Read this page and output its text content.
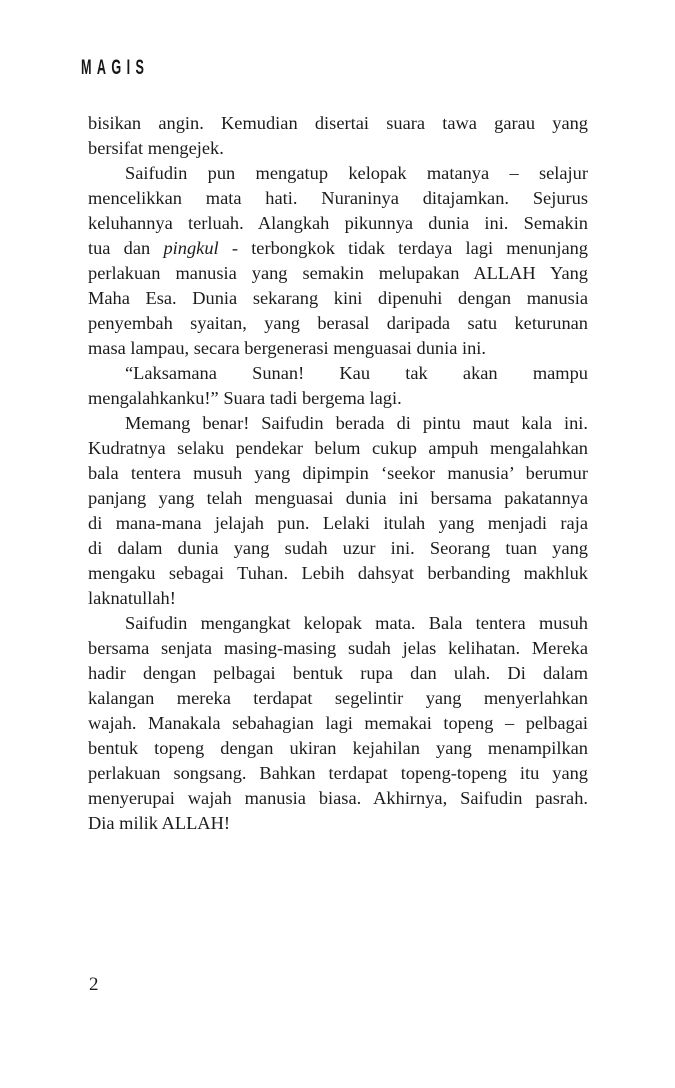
MAGIS

bisikan angin. Kemudian disertai suara tawa garau yang
bersifat mengejek.

Saifudin pun mengatup kelopak matanya – selajur
mencelikkan mata hati. Nuraninya ditajamkan. Sejurus
keluhannya terluah. Alangkah pikunnya dunia ini. Semakin
tua dan pingkul - terbongkok tidak terdaya lagi menunjang
perlakuan manusia yang semakin melupakan ALLAH Yang
Maha Esa. Dunia sekarang kini dipenuhi dengan manusia
penyembah syaitan, yang berasal daripada satu keturunan
masa lampau, secara bergenerasi menguasai dunia ini.

“Laksamana Sunan! Kau tak akan mampu
mengalahkanku!” Suara tadi bergema lagi.

Memang benar! Saifudin berada di pintu maut kala ini.
Kudratnya selaku pendekar belum cukup ampuh mengalahkan
bala tentera musuh yang dipimpin ‘seekor manusia’ berumur
panjang yang telah menguasai dunia ini bersama pakatannya
di mana-mana jelajah pun. Lelaki itulah yang menjadi raja
di dalam dunia yang sudah uzur ini. Seorang tuan yang
mengaku sebagai Tuhan. Lebih dahsyat berbanding makhluk
laknatullah!

Saifudin mengangkat kelopak mata. Bala tentera musuh
bersama senjata masing-masing sudah jelas kelihatan. Mereka
hadir dengan pelbagai bentuk rupa dan ulah. Di dalam
kalangan mereka terdapat segelintir yang menyerlahkan
wajah. Manakala sebahagian lagi memakai topeng – pelbagai
bentuk topeng dengan ukiran kejahilan yang menampilkan
perlakuan songsang. Bahkan terdapat topeng-topeng itu yang
menyerupai wajah manusia biasa. Akhirnya, Saifudin pasrah.
Dia milik ALLAH!

2
